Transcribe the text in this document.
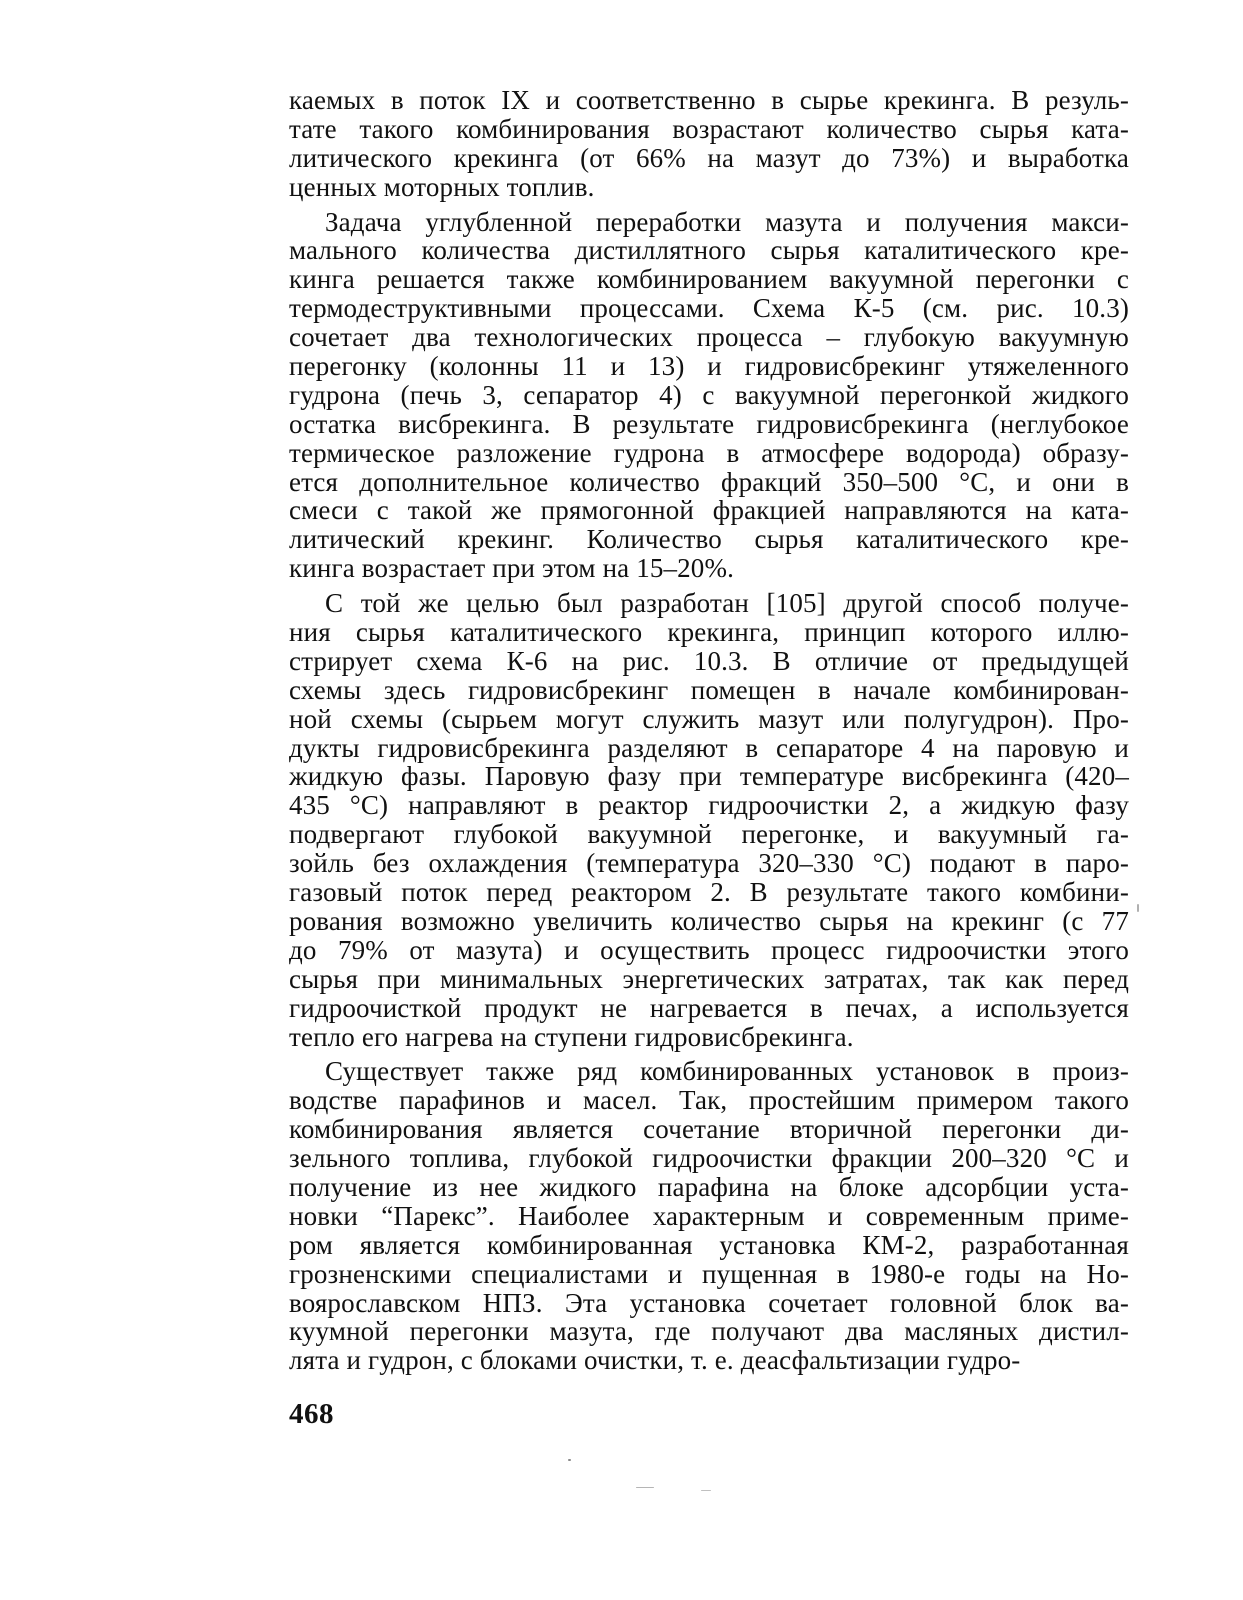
каемых в поток IX и соответственно в сырье крекинга. В резуль-
тате такого комбинирования возрастают количество сырья ката-
литического крекинга (от 66% на мазут до 73%) и выработка
ценных моторных топлив.
Задача углубленной переработки мазута и получения макси-
мального количества дистиллятного сырья каталитического кре-
кинга решается также комбинированием вакуумной перегонки с
термодеструктивными процессами. Схема К-5 (см. рис. 10.3)
сочетает два технологических процесса – глубокую вакуумную
перегонку (колонны 11 и 13) и гидровисбрекинг утяжеленного
гудрона (печь 3, сепаратор 4) с вакуумной перегонкой жидкого
остатка висбрекинга. В результате гидровисбрекинга (неглубокое
термическое разложение гудрона в атмосфере водорода) образу-
ется дополнительное количество фракций 350–500 °С, и они в
смеси с такой же прямогонной фракцией направляются на ката-
литический крекинг. Количество сырья каталитического кре-
кинга возрастает при этом на 15–20%.
С той же целью был разработан [105] другой способ получе-
ния сырья каталитического крекинга, принцип которого иллю-
стрирует схема К-6 на рис. 10.3. В отличие от предыдущей
схемы здесь гидровисбрекинг помещен в начале комбинирован-
ной схемы (сырьем могут служить мазут или полугудрон). Про-
дукты гидровисбрекинга разделяют в сепараторе 4 на паровую и
жидкую фазы. Паровую фазу при температуре висбрекинга (420–
435 °С) направляют в реактор гидроочистки 2, а жидкую фазу
подвергают глубокой вакуумной перегонке, и вакуумный га-
зойль без охлаждения (температура 320–330 °С) подают в паро-
газовый поток перед реактором 2. В результате такого комбини-
рования возможно увеличить количество сырья на крекинг (с 77
до 79% от мазута) и осуществить процесс гидроочистки этого
сырья при минимальных энергетических затратах, так как перед
гидроочисткой продукт не нагревается в печах, а используется
тепло его нагрева на ступени гидровисбрекинга.
Существует также ряд комбинированных установок в произ-
водстве парафинов и масел. Так, простейшим примером такого
комбинирования является сочетание вторичной перегонки ди-
зельного топлива, глубокой гидроочистки фракции 200–320 °С и
получение из нее жидкого парафина на блоке адсорбции уста-
новки “Парекс”. Наиболее характерным и современным приме-
ром является комбинированная установка КМ-2, разработанная
грозненскими специалистами и пущенная в 1980-е годы на Но-
воярославском НПЗ. Эта установка сочетает головной блок ва-
куумной перегонки мазута, где получают два масляных дистил-
лята и гудрон, с блоками очистки, т. е. деасфальтизации гудро-
468
